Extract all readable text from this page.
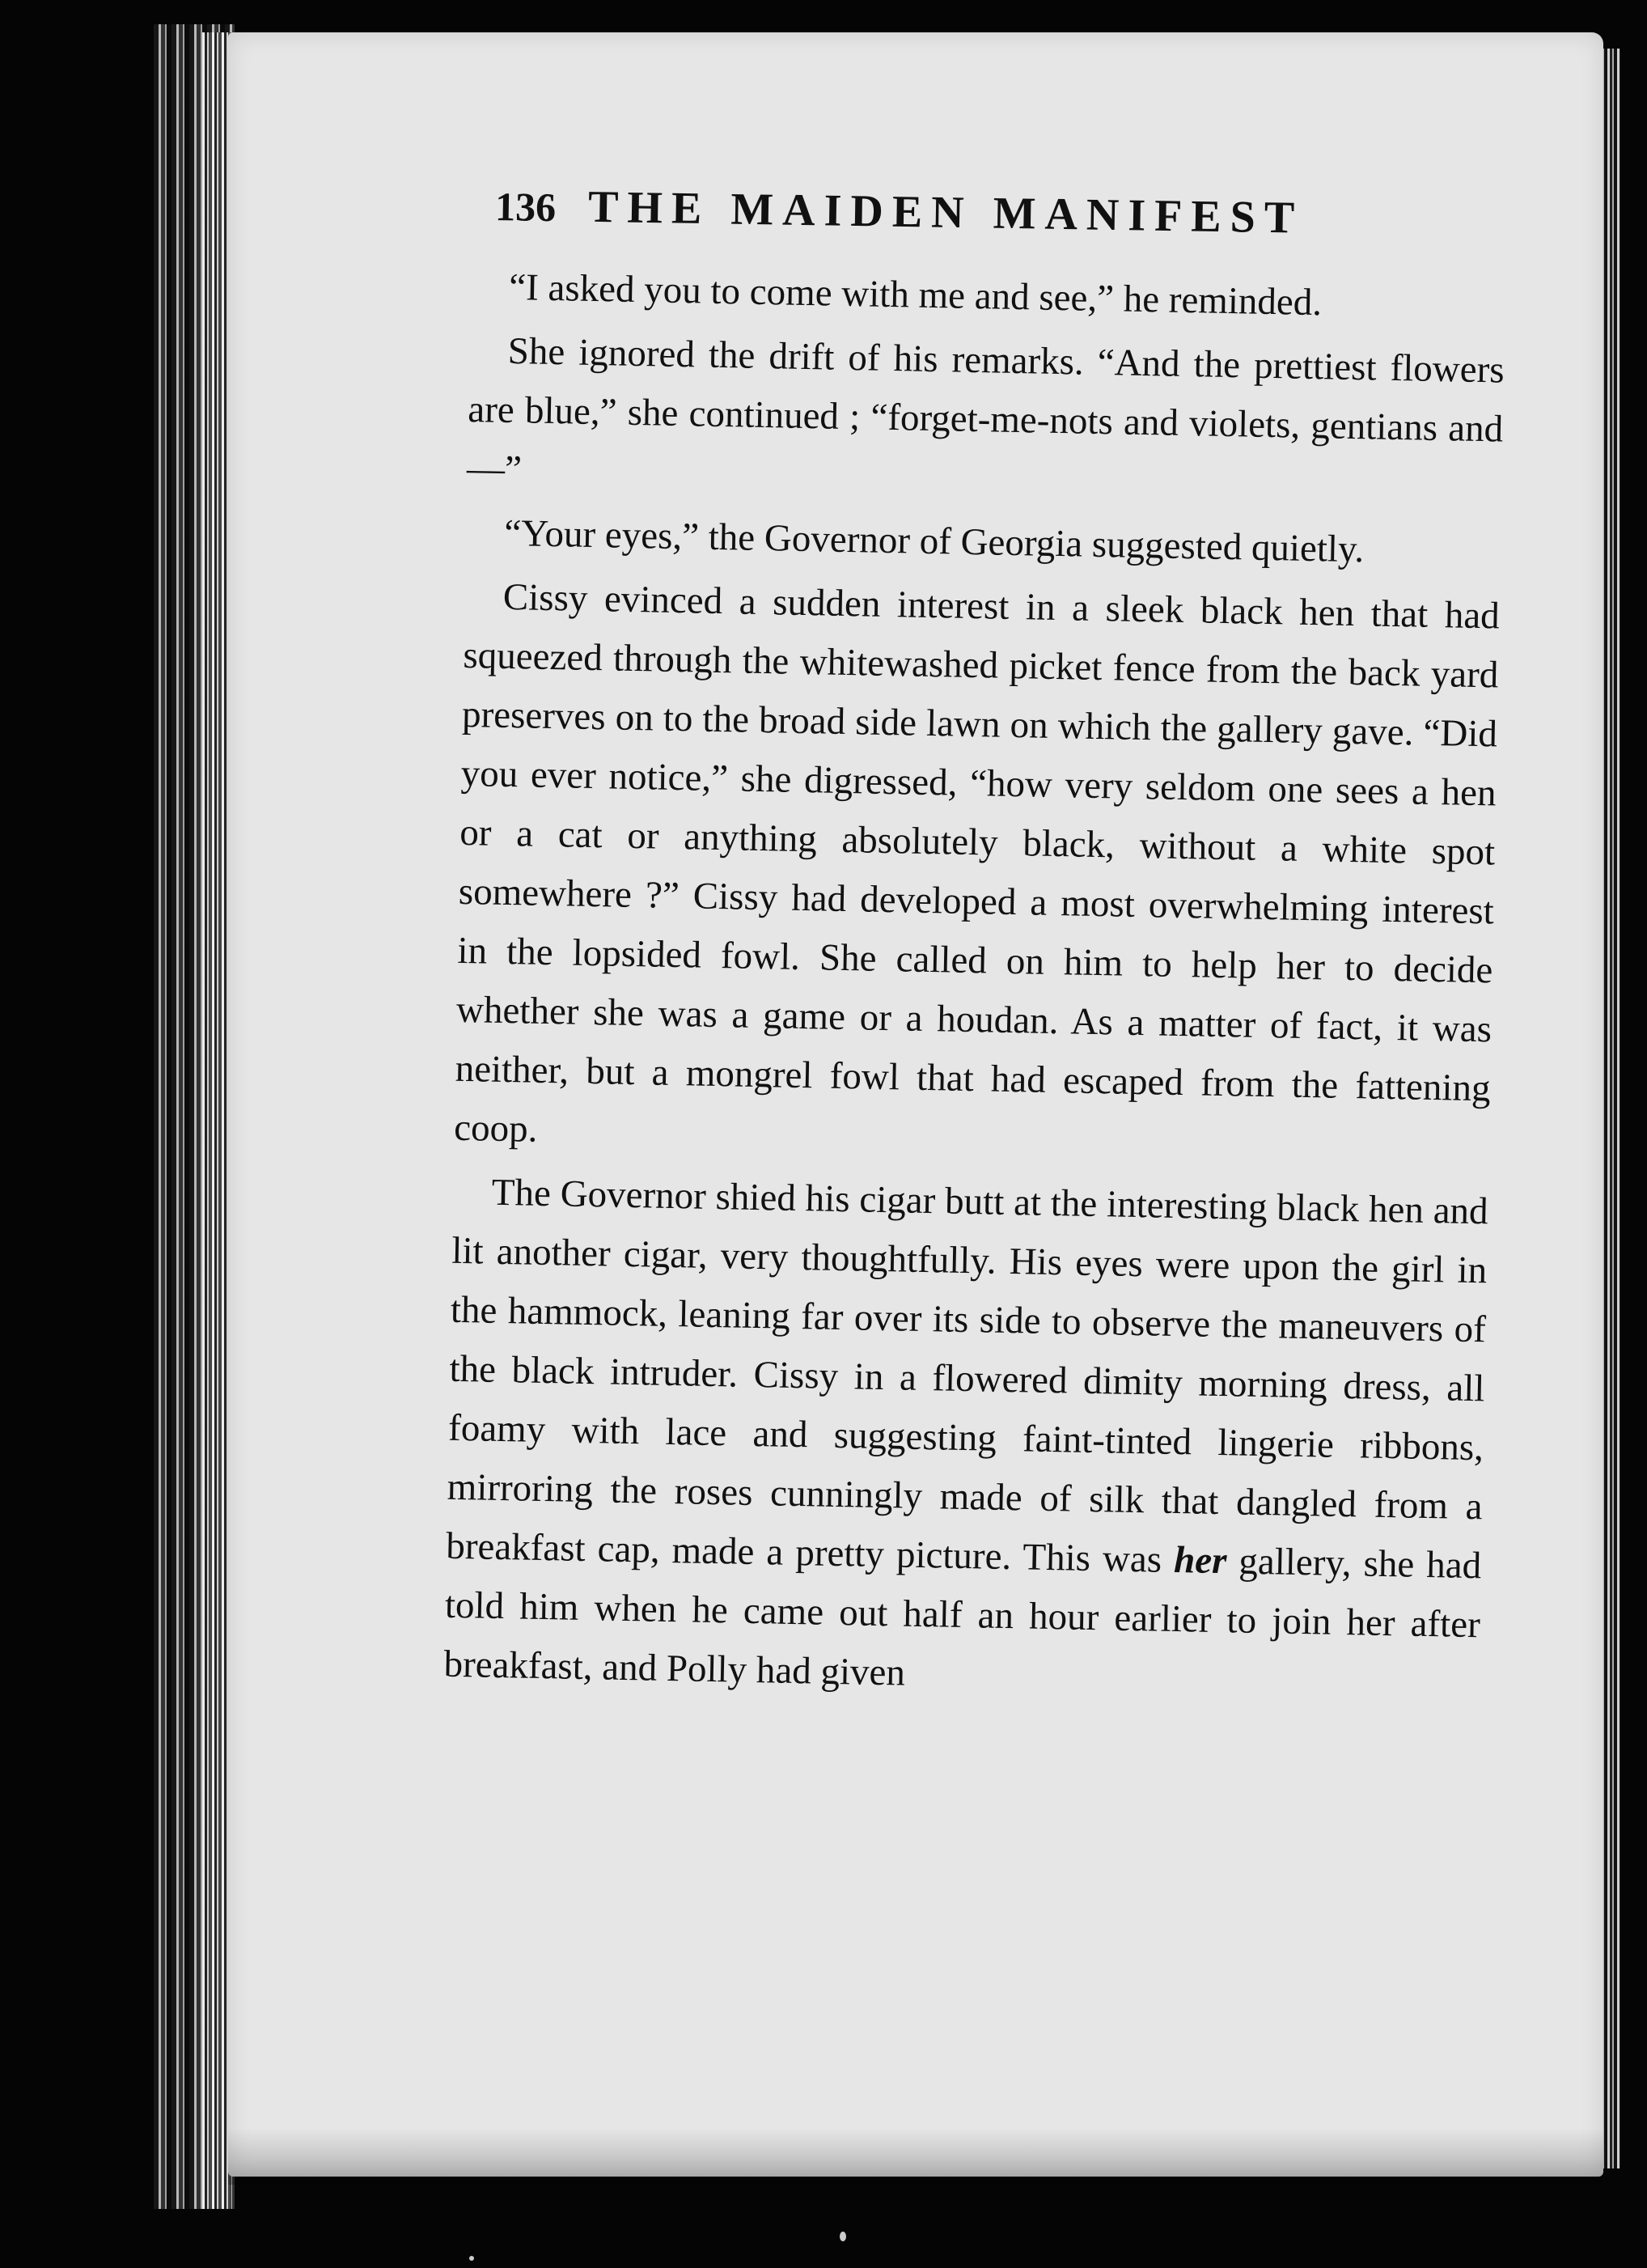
136 THE MAIDEN MANIFEST

“I asked you to come with me and see,” he reminded.

She ignored the drift of his remarks. “And the prettiest flowers are blue,” she continued ; “forget-me-nots and violets, gentians and —”

“Your eyes,” the Governor of Georgia suggested quietly.

Cissy evinced a sudden interest in a sleek black hen that had squeezed through the whitewashed picket fence from the back yard preserves on to the broad side lawn on which the gallery gave. “Did you ever notice,” she digressed, “how very seldom one sees a hen or a cat or anything absolutely black, without a white spot somewhere ?” Cissy had developed a most overwhelming interest in the lopsided fowl. She called on him to help her to decide whether she was a game or a houdan. As a matter of fact, it was neither, but a mongrel fowl that had escaped from the fattening coop.

The Governor shied his cigar butt at the interesting black hen and lit another cigar, very thoughtfully. His eyes were upon the girl in the hammock, leaning far over its side to observe the maneuvers of the black intruder. Cissy in a flowered dimity morning dress, all foamy with lace and suggesting faint-tinted lingerie ribbons, mirroring the roses cunningly made of silk that dangled from a breakfast cap, made a pretty picture. This was her gallery, she had told him when he came out half an hour earlier to join her after breakfast, and Polly had given
